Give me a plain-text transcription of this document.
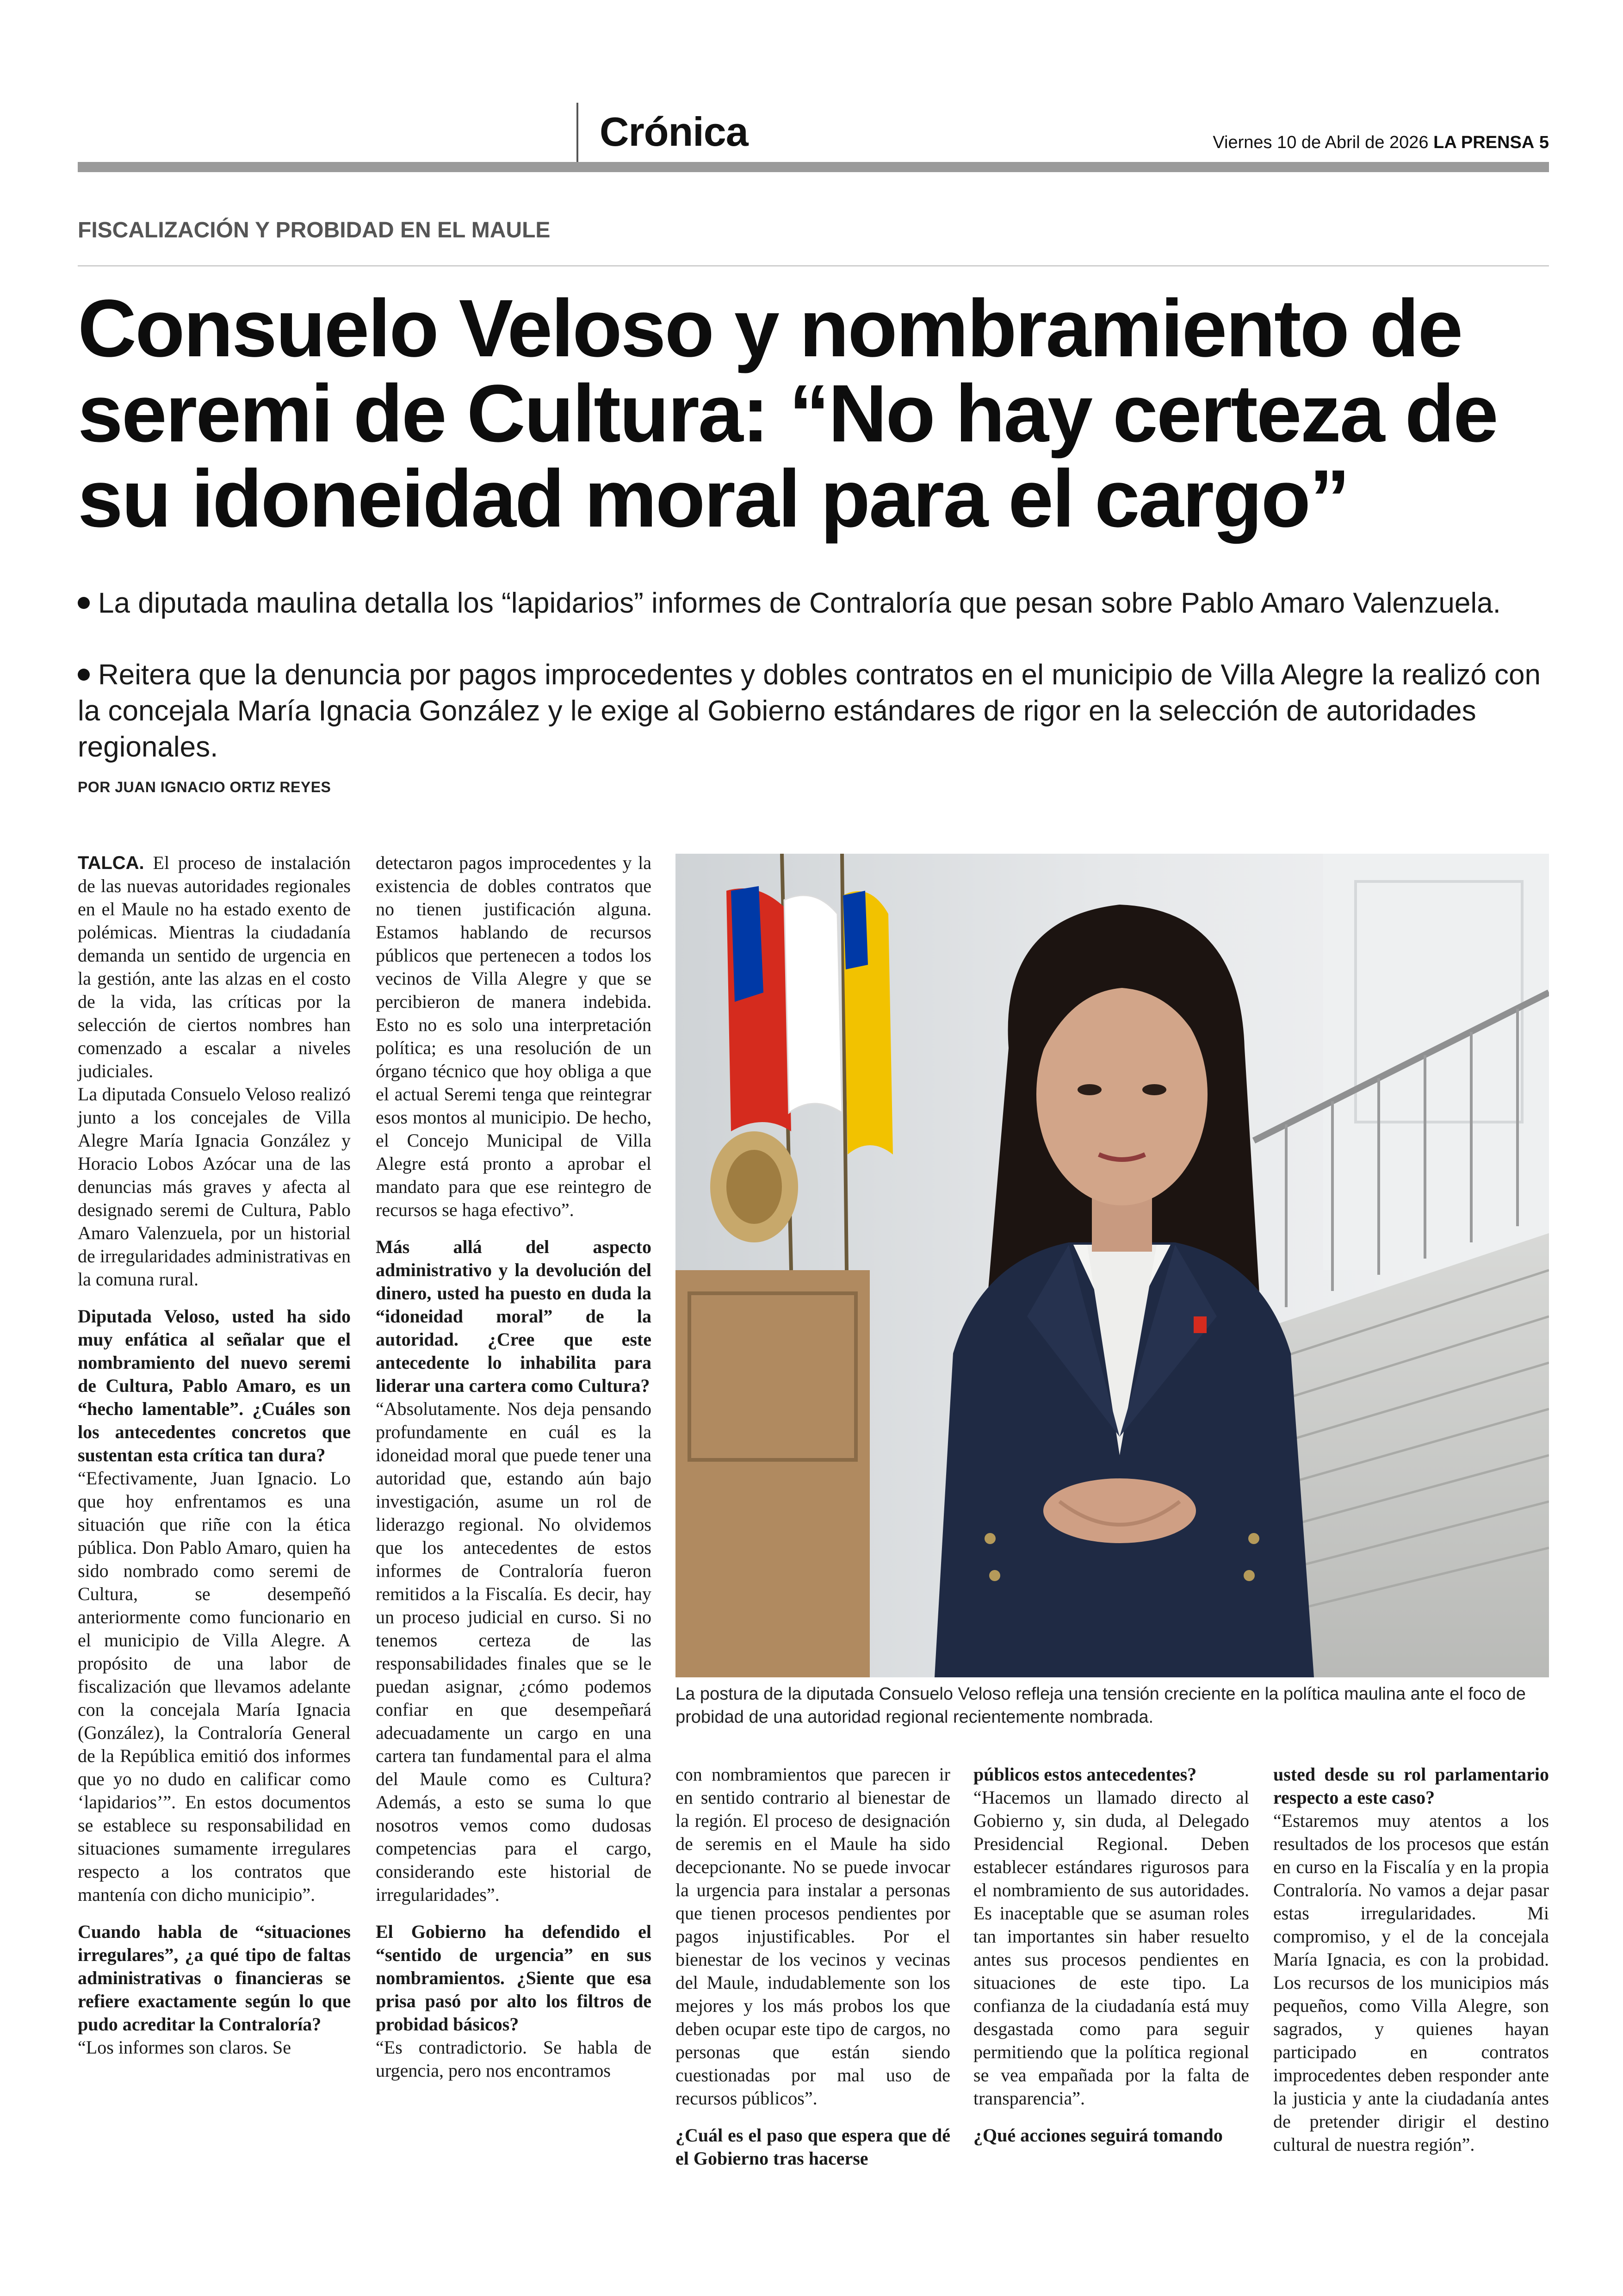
Crónica	Viernes 10 de Abril de 2026 LA PRENSA 5
FISCALIZACIÓN Y PROBIDAD EN EL MAULE
Consuelo Veloso y nombramiento de seremi de Cultura: “No hay certeza de su idoneidad moral para el cargo”
La diputada maulina detalla los “lapidarios” informes de Contraloría que pesan sobre Pablo Amaro Valenzuela.
Reitera que la denuncia por pagos improcedentes y dobles contratos en el municipio de Villa Alegre la realizó con la concejala María Ignacia González y le exige al Gobierno estándares de rigor en la selección de autoridades regionales.
POR JUAN IGNACIO ORTIZ REYES

TALCA. El proceso de instalación de las nuevas autoridades regionales en el Maule no ha estado exento de polémicas. Mientras la ciudadanía demanda un sentido de urgencia en la gestión, ante las alzas en el costo de la vida, las críticas por la selección de ciertos nombres han comenzado a escalar a niveles judiciales.

La diputada Consuelo Veloso realizó junto a los concejales de Villa Alegre María Ignacia González y Horacio Lobos Azócar una de las denuncias más graves y afecta al designado seremi de Cultura, Pablo Amaro Valenzuela, por un historial de irregularidades administrativas en la comuna rural.

Diputada Veloso, usted ha sido muy enfática al señalar que el nombramiento del nuevo seremi de Cultura, Pablo Amaro, es un “hecho lamentable”. ¿Cuáles son los antecedentes concretos que sustentan esta crítica tan dura?

“Efectivamente, Juan Ignacio. Lo que hoy enfrentamos es una situación que riñe con la ética pública. Don Pablo Amaro, quien ha sido nombrado como seremi de Cultura, se desempeñó anteriormente como funcionario en el municipio de Villa Alegre. A propósito de una labor de fiscalización que llevamos adelante con la concejala María Ignacia (González), la Contraloría General de la República emitió dos informes que yo no dudo en calificar como ‘lapidarios’”. En estos documentos se establece su responsabilidad en situaciones sumamente irregulares respecto a los contratos que mantenía con dicho municipio”.

Cuando habla de “situaciones irregulares”, ¿a qué tipo de faltas administrativas o financieras se refiere exactamente según lo que pudo acreditar la Contraloría?

“Los informes son claros. Se

detectaron pagos improcedentes y la existencia de dobles contratos que no tienen justificación alguna. Estamos hablando de recursos públicos que pertenecen a todos los vecinos de Villa Alegre y que se percibieron de manera indebida. Esto no es solo una interpretación política; es una resolución de un órgano técnico que hoy obliga a que el actual Seremi tenga que reintegrar esos montos al municipio. De hecho, el Concejo Municipal de Villa Alegre está pronto a aprobar el mandato para que ese reintegro de recursos se haga efectivo”.

Más allá del aspecto administrativo y la devolución del dinero, usted ha puesto en duda la “idoneidad moral” de la autoridad. ¿Cree que este antecedente lo inhabilita para liderar una cartera como Cultura?

“Absolutamente. Nos deja pensando profundamente en cuál es la idoneidad moral que puede tener una autoridad que, estando aún bajo investigación, asume un rol de liderazgo regional. No olvidemos que los antecedentes de estos informes de Contraloría fueron remitidos a la Fiscalía. Es decir, hay un proceso judicial en curso. Si no tenemos certeza de las responsabilidades finales que se le puedan asignar, ¿cómo podemos confiar en que desempeñará adecuadamente un cargo en una cartera tan fundamental para el alma del Maule como es Cultura? Además, a esto se suma lo que nosotros vemos como dudosas competencias para el cargo, considerando este historial de irregularidades”.

El Gobierno ha defendido el “sentido de urgencia” en sus nombramientos. ¿Siente que esa prisa pasó por alto los filtros de probidad básicos?

“Es contradictorio. Se habla de urgencia, pero nos encontramos

La postura de la diputada Consuelo Veloso refleja una tensión creciente en la política maulina ante el foco de probidad de una autoridad regional recientemente nombrada.

con nombramientos que parecen ir en sentido contrario al bienestar de la región. El proceso de designación de seremis en el Maule ha sido decepcionante. No se puede invocar la urgencia para instalar a personas que tienen procesos pendientes por pagos injustificables. Por el bienestar de los vecinos y vecinas del Maule, indudablemente son los mejores y los más probos los que deben ocupar este tipo de cargos, no personas que están siendo cuestionadas por mal uso de recursos públicos”.

¿Cuál es el paso que espera que dé el Gobierno tras hacerse

públicos estos antecedentes?

“Hacemos un llamado directo al Gobierno y, sin duda, al Delegado Presidencial Regional. Deben establecer estándares rigurosos para el nombramiento de sus autoridades. Es inaceptable que se asuman roles tan importantes sin haber resuelto antes sus procesos pendientes en situaciones de este tipo. La confianza de la ciudadanía está muy desgastada como para seguir permitiendo que la política regional se vea empañada por la falta de transparencia”.

¿Qué acciones seguirá tomando

usted desde su rol parlamentario respecto a este caso?

“Estaremos muy atentos a los resultados de los procesos que están en curso en la Fiscalía y en la propia Contraloría. No vamos a dejar pasar estas irregularidades. Mi compromiso, y el de la concejala María Ignacia, es con la probidad. Los recursos de los municipios más pequeños, como Villa Alegre, son sagrados, y quienes hayan participado en contratos improcedentes deben responder ante la justicia y ante la ciudadanía antes de pretender dirigir el destino cultural de nuestra región”.
